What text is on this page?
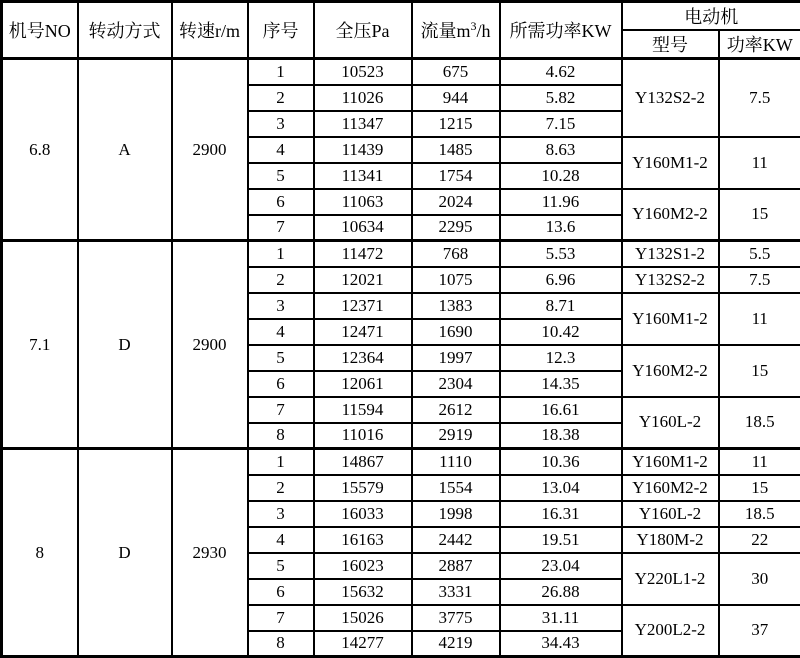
机号NO	转动方式	转速r/m	序号	全压Pa	流量$m^3/h$	所需功率KW	电动机	
							型号	功率KW
6.8	A	2900	1	10523	675	4.62	Y132S2-2	7.5
			2	11026	944	5.82		
			3	11347	1215	7.15		
			4	11439	1485	8.63	Y160M1-2	11
			5	11341	1754	10.28		
			6	11063	2024	11.96	Y160M2-2	15
			7	10634	2295	13.6		
7.1	D	2900	1	11472	768	5.53	Y132S1-2	5.5
			2	12021	1075	6.96	Y132S2-2	7.5
			3	12371	1383	8.71	Y160M1-2	11
			4	12471	1690	10.42		
			5	12364	1997	12.3	Y160M2-2	15
			6	12061	2304	14.35		
			7	11594	2612	16.61	Y160L-2	18.5
			8	11016	2919	18.38		
8	D	2930	1	14867	1110	10.36	Y160M1-2	11
			2	15579	1554	13.04	Y160M2-2	15
			3	16033	1998	16.31	Y160L-2	18.5
			4	16163	2442	19.51	Y180M-2	22
			5	16023	2887	23.04	Y220L1-2	30
			6	15632	3331	26.88		
			7	15026	3775	31.11	Y200L2-2	37
			8	14277	4219	34.43		
